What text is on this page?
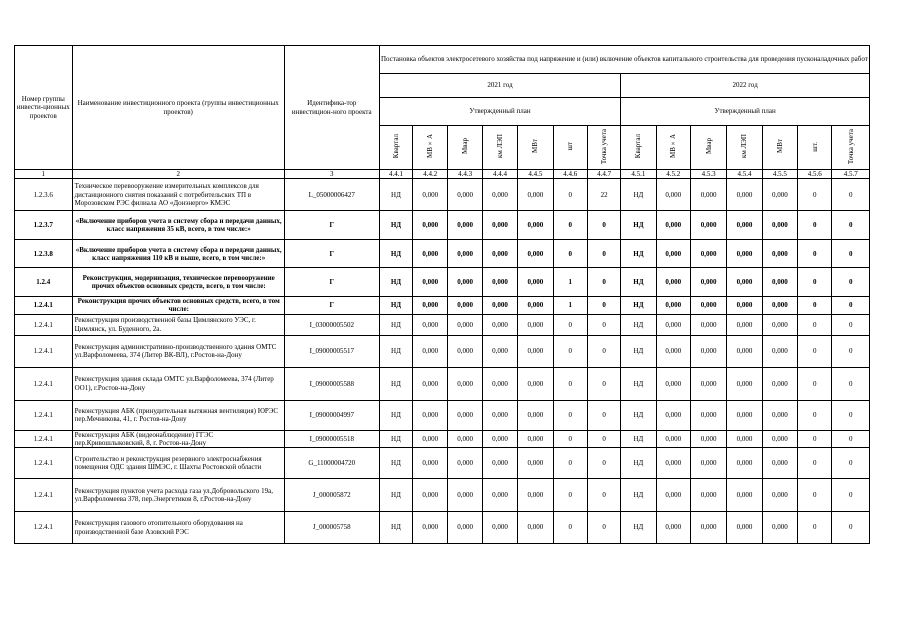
Номер группы инвести-ционных проектов	Наименование инвестиционного проекта (группы инвестиционных проектов)	Идентифика-тор инвестицион-ного проекта	Постановка объектов электросетевого хозяйства под напряжение и (или) включение объектов капитального строительства для проведения пусконаладочных работ													
			2021 год							2022 год						
			Утвержденный план							Утвержденный план						
			Квартал	МВ×А	Мвар	км ЛЭП	МВт	шт	Точка учета	Квартал	МВ×А	Мвар	км ЛЭП	МВт	шт.	Точка учета
1	2	3	4.4.1	4.4.2	4.4.3	4.4.4	4.4.5	4.4.6	4.4.7	4.5.1	4.5.2	4.5.3	4.5.4	4.5.5	4.5.6	4.5.7
1.2.3.6	Техническое перевооружение измерительных комплексов для дистанционного снятия показаний с потребительских ТП в Морозовском РЭС филиала АО «Донэнерго» КМЭС	L_05000006427	НД	0,000	0,000	0,000	0,000	0	22	НД	0,000	0,000	0,000	0,000	0	0
1.2.3.7	«Включение приборов учета в систему сбора и передачи данных, класс напряжения 35 кВ, всего, в том числе:»	Г	НД	0,000	0,000	0,000	0,000	0	0	НД	0,000	0,000	0,000	0,000	0	0
1.2.3.8	«Включение приборов учета в систему сбора и передачи данных, класс напряжения 110 кВ и выше, всего, в том числе:»	Г	НД	0,000	0,000	0,000	0,000	0	0	НД	0,000	0,000	0,000	0,000	0	0
1.2.4	Реконструкция, модернизация, техническое перевооружение прочих объектов основных средств, всего, в том числе:	Г	НД	0,000	0,000	0,000	0,000	1	0	НД	0,000	0,000	0,000	0,000	0	0
1.2.4.1	Реконструкция прочих объектов основных средств, всего, в том числе:	Г	НД	0,000	0,000	0,000	0,000	1	0	НД	0,000	0,000	0,000	0,000	0	0
1.2.4.1	Реконструкция производственной базы Цимлянского УЭС, г. Цимлянск, ул. Буденного, 2а.	I_03000005502	НД	0,000	0,000	0,000	0,000	0	0	НД	0,000	0,000	0,000	0,000	0	0
1.2.4.1	Реконструкция административно-производственного здания ОМТС ул.Варфоломеева, 374 (Литер ВК-ВЛ), г.Ростов-на-Дону	I_09000005517	НД	0,000	0,000	0,000	0,000	0	0	НД	0,000	0,000	0,000	0,000	0	0
1.2.4.1	Реконструкция здания склада ОМТС ул.Варфоломеева, 374 (Литер ОО1), г.Ростов-на-Дону	I_09000005588	НД	0,000	0,000	0,000	0,000	0	0	НД	0,000	0,000	0,000	0,000	0	0
1.2.4.1	Реконструкция АБК (принудительная вытяжная вентиляция) ЮРЭС пер.Мечникова, 41, г. Ростов-на-Дону	I_09000004997	НД	0,000	0,000	0,000	0,000	0	0	НД	0,000	0,000	0,000	0,000	0	0
1.2.4.1	Реконструкция АБК (видеонаблюдение) ГГЭС пер.Кривошлыковский, 8, г. Ростов-на-Дону	I_09000005518	НД	0,000	0,000	0,000	0,000	0	0	НД	0,000	0,000	0,000	0,000	0	0
1.2.4.1	Строительство и реконструкция резервного электроснабжения помещения ОДС здания ШМЭС, г. Шахты Ростовской области	G_11000004720	НД	0,000	0,000	0,000	0,000	0	0	НД	0,000	0,000	0,000	0,000	0	0
1.2.4.1	Реконструкция пунктов учета расхода газа ул.Добровольского 19а, ул.Варфоломеева 378, пер.Энергетиков 8, г.Ростов-на-Дону	J_000005872	НД	0,000	0,000	0,000	0,000	0	0	НД	0,000	0,000	0,000	0,000	0	0
1.2.4.1	Реконструкция газового отопительного оборудования на производственной базе Азовский РЭС	J_000005758	НД	0,000	0,000	0,000	0,000	0	0	НД	0,000	0,000	0,000	0,000	0	0
